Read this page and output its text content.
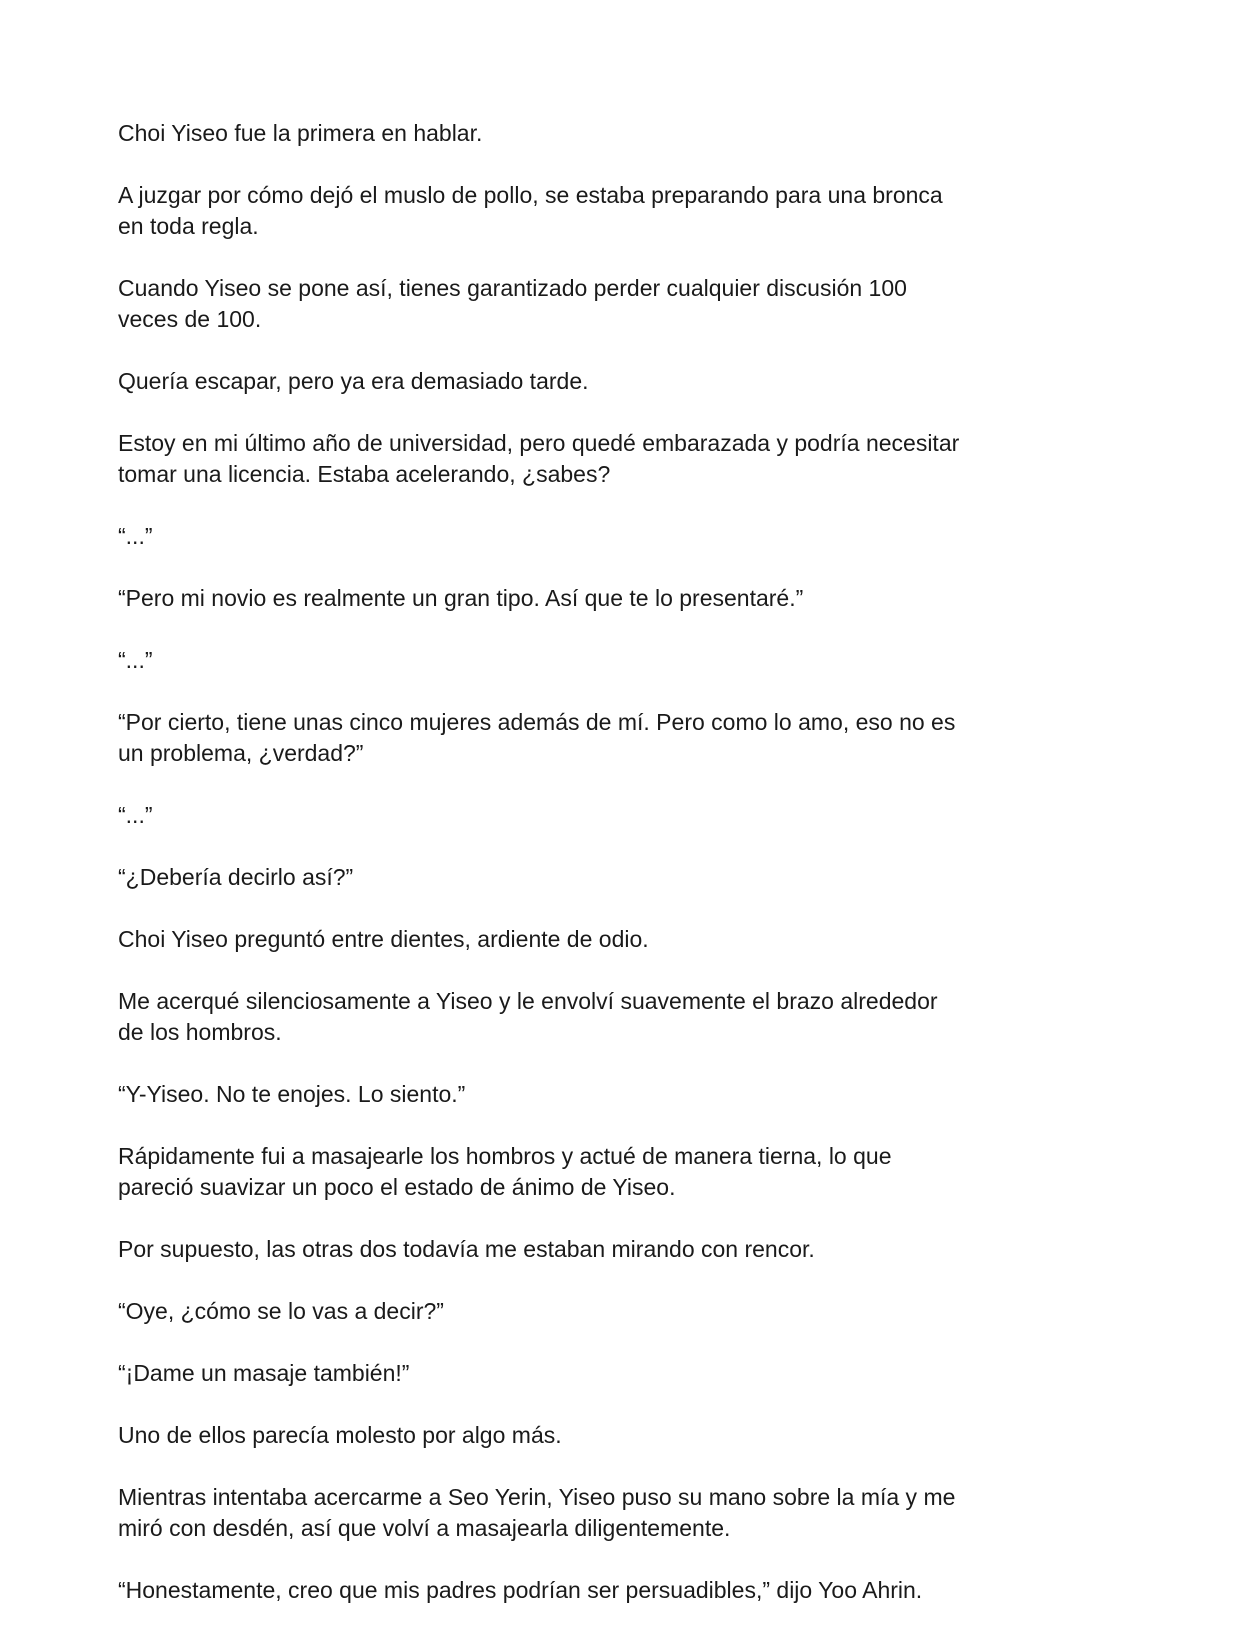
Choi Yiseo fue la primera en hablar.

A juzgar por cómo dejó el muslo de pollo, se estaba preparando para una bronca
en toda regla.

Cuando Yiseo se pone así, tienes garantizado perder cualquier discusión 100
veces de 100.

Quería escapar, pero ya era demasiado tarde.

Estoy en mi último año de universidad, pero quedé embarazada y podría necesitar
tomar una licencia. Estaba acelerando, ¿sabes?

“...”

“Pero mi novio es realmente un gran tipo. Así que te lo presentaré.”

“...”

“Por cierto, tiene unas cinco mujeres además de mí. Pero como lo amo, eso no es
un problema, ¿verdad?”

“...”

“¿Debería decirlo así?”

Choi Yiseo preguntó entre dientes, ardiente de odio.

Me acerqué silenciosamente a Yiseo y le envolví suavemente el brazo alrededor
de los hombros.

“Y-Yiseo. No te enojes. Lo siento.”

Rápidamente fui a masajearle los hombros y actué de manera tierna, lo que
pareció suavizar un poco el estado de ánimo de Yiseo.

Por supuesto, las otras dos todavía me estaban mirando con rencor.

“Oye, ¿cómo se lo vas a decir?”

“¡Dame un masaje también!”

Uno de ellos parecía molesto por algo más.

Mientras intentaba acercarme a Seo Yerin, Yiseo puso su mano sobre la mía y me
miró con desdén, así que volví a masajearla diligentemente.

“Honestamente, creo que mis padres podrían ser persuadibles,” dijo Yoo Ahrin.
